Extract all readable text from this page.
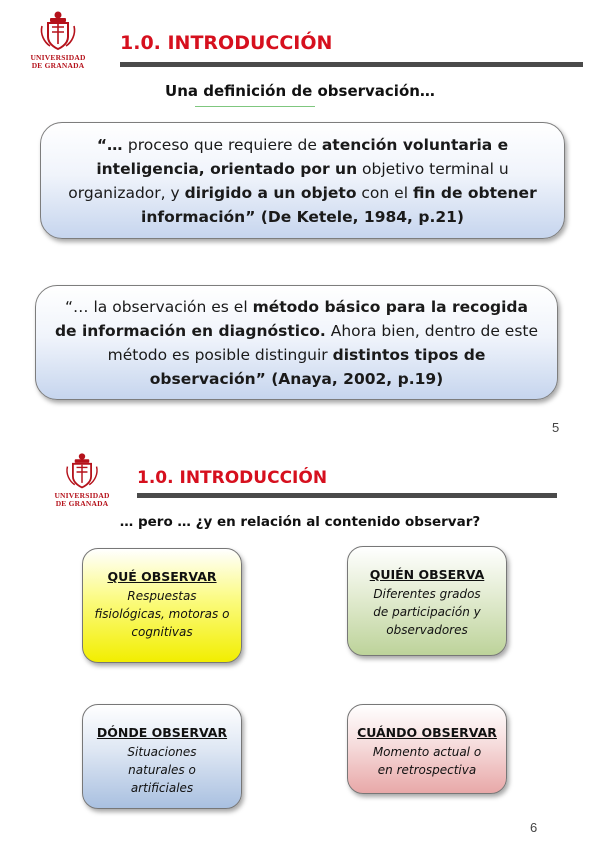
UNIVERSIDAD
DE GRANADA
1.0. INTRODUCCIÓN
Una definición de observación…
“… proceso que requiere de atención voluntaria e inteligencia, orientado por un objetivo terminal u organizador, y dirigido a un objeto con el fin de obtener información” (De Ketele, 1984, p.21)
“… la observación es el método básico para la recogida de información en diagnóstico. Ahora bien, dentro de este método es posible distinguir distintos tipos de observación” (Anaya, 2002, p.19)
5
UNIVERSIDAD
DE GRANADA
1.0. INTRODUCCIÓN
… pero … ¿y en relación al contenido observar?
QUÉ OBSERVAR
Respuestas fisiológicas, motoras o cognitivas
QUIÉN OBSERVA
Diferentes grados de participación y observadores
DÓNDE OBSERVAR
Situaciones naturales o artificiales
CUÁNDO OBSERVAR
Momento actual o en retrospectiva
6
